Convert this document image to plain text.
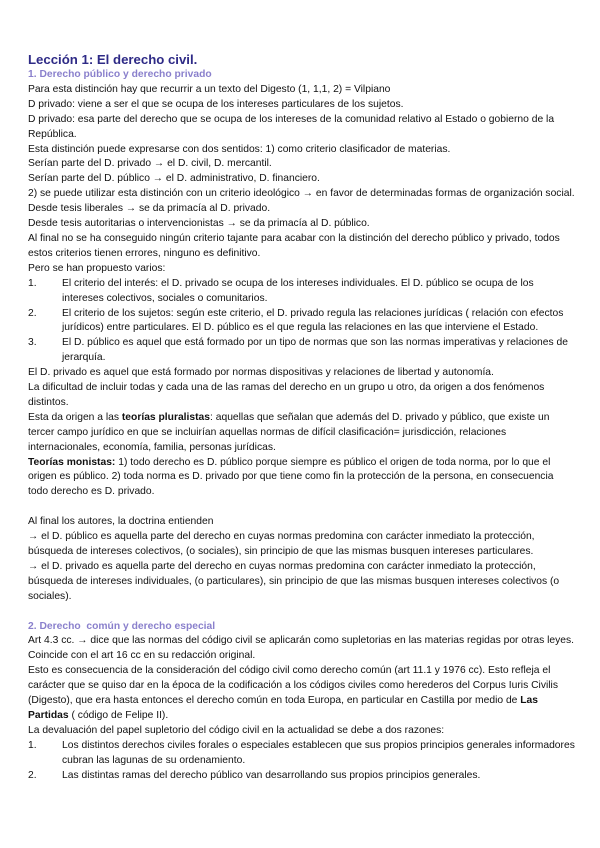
Lección 1: El derecho civil.

1. Derecho público y derecho privado

Para esta distinción hay que recurrir a un texto del Digesto (1, 1,1, 2) = Vilpiano

D privado: viene a ser el que se ocupa de los intereses particulares de los sujetos.

D privado: esa parte del derecho que se ocupa de los intereses de la comunidad relativo al Estado o gobierno de la República.

Esta distinción puede expresarse con dos sentidos: 1) como criterio clasificador de materias.

Serían parte del D. privado → el D. civil, D. mercantil.

Serían parte del D. público → el D. administrativo, D. financiero.

2) se puede utilizar esta distinción con un criterio ideológico → en favor de determinadas formas de organización social. Desde tesis liberales → se da primacía al D. privado.

Desde tesis autoritarias o intervencionistas → se da primacía al D. público.

Al final no se ha conseguido ningún criterio tajante para acabar con la distinción del derecho público y privado, todos estos criterios tienen errores, ninguno es definitivo.

Pero se han propuesto varios:

1.	El criterio del interés: el D. privado se ocupa de los intereses individuales. El D. público se ocupa de los intereses colectivos, sociales o comunitarios.
2.	El criterio de los sujetos: según este criterio, el D. privado regula las relaciones jurídicas ( relación con efectos jurídicos) entre particulares. El D. público es el que regula las relaciones en las que interviene el Estado.
3.	El D. público es aquel que está formado por un tipo de normas que son las normas imperativas y relaciones de jerarquía.

El D. privado es aquel que está formado por normas dispositivas y relaciones de libertad y autonomía.

La dificultad de incluir todas y cada una de las ramas del derecho en un grupo u otro, da origen a dos fenómenos distintos.

Esta da origen a las teorías pluralistas: aquellas que señalan que además del D. privado y público, que existe un tercer campo jurídico en que se incluirían aquellas normas de difícil clasificación= jurisdicción, relaciones internacionales, economía, familia, personas jurídicas.

Teorías monistas: 1) todo derecho es D. público porque siempre es público el origen de toda norma, por lo que el origen es público. 2) toda norma es D. privado por que tiene como fin la protección de la persona, en consecuencia todo derecho es D. privado.

Al final los autores, la doctrina entienden

→ el D. público es aquella parte del derecho en cuyas normas predomina con carácter inmediato la protección, búsqueda de intereses colectivos, (o sociales), sin principio de que las mismas busquen intereses particulares.

→ el D. privado es aquella parte del derecho en cuyas normas predomina con carácter inmediato la protección, búsqueda de intereses individuales, (o particulares), sin principio de que las mismas busquen intereses colectivos (o sociales).

2. Derecho  común y derecho especial

Art 4.3 cc. → dice que las normas del código civil se aplicarán como supletorias en las materias regidas por otras leyes. Coincide con el art 16 cc en su redacción original.

Esto es consecuencia de la consideración del código civil como derecho común (art 11.1 y 1976 cc). Esto refleja el carácter que se quiso dar en la época de la codificación a los códigos civiles como herederos del Corpus Iuris Civilis (Digesto), que era hasta entonces el derecho común en toda Europa, en particular en Castilla por medio de Las Partidas ( código de Felipe II).

La devaluación del papel supletorio del código civil en la actualidad se debe a dos razones:

1.	Los distintos derechos civiles forales o especiales establecen que sus propios principios generales informadores cubran las lagunas de su ordenamiento.
2.	Las distintas ramas del derecho público van desarrollando sus propios principios generales.
